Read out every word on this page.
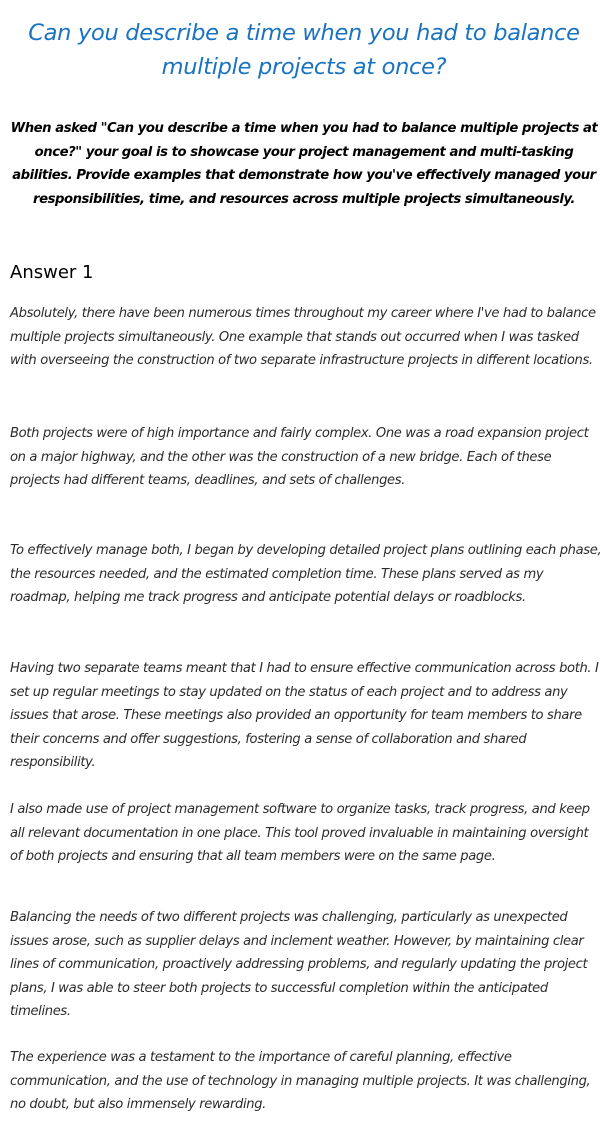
Can you describe a time when you had to balance multiple projects at once?

When asked "Can you describe a time when you had to balance multiple projects at once?" your goal is to showcase your project management and multi-tasking abilities. Provide examples that demonstrate how you've effectively managed your responsibilities, time, and resources across multiple projects simultaneously.

Answer 1

Absolutely, there have been numerous times throughout my career where I've had to balance multiple projects simultaneously. One example that stands out occurred when I was tasked with overseeing the construction of two separate infrastructure projects in different locations.

Both projects were of high importance and fairly complex. One was a road expansion project on a major highway, and the other was the construction of a new bridge. Each of these projects had different teams, deadlines, and sets of challenges.

To effectively manage both, I began by developing detailed project plans outlining each phase, the resources needed, and the estimated completion time. These plans served as my roadmap, helping me track progress and anticipate potential delays or roadblocks.

Having two separate teams meant that I had to ensure effective communication across both. I set up regular meetings to stay updated on the status of each project and to address any issues that arose. These meetings also provided an opportunity for team members to share their concerns and offer suggestions, fostering a sense of collaboration and shared responsibility.

I also made use of project management software to organize tasks, track progress, and keep all relevant documentation in one place. This tool proved invaluable in maintaining oversight of both projects and ensuring that all team members were on the same page.

Balancing the needs of two different projects was challenging, particularly as unexpected issues arose, such as supplier delays and inclement weather. However, by maintaining clear lines of communication, proactively addressing problems, and regularly updating the project plans, I was able to steer both projects to successful completion within the anticipated timelines.

The experience was a testament to the importance of careful planning, effective communication, and the use of technology in managing multiple projects. It was challenging, no doubt, but also immensely rewarding.
